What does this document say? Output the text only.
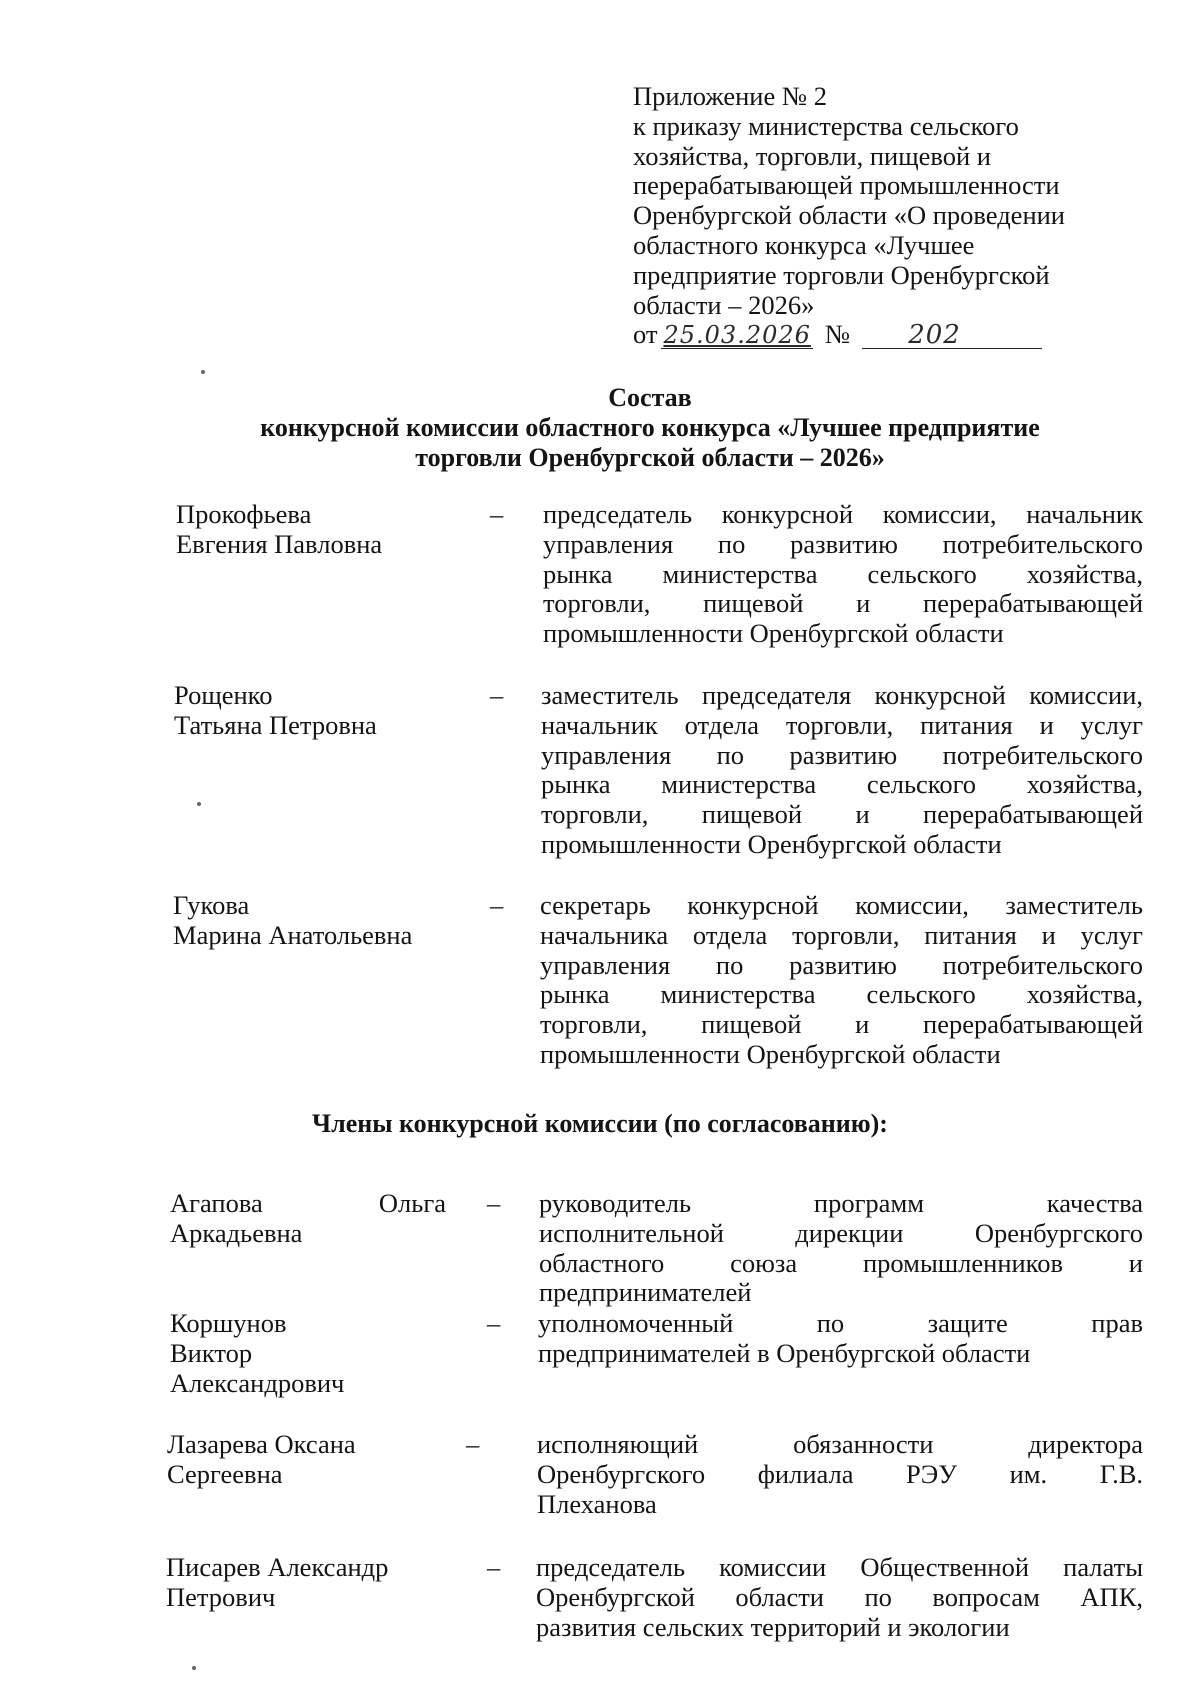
Приложение № 2
к приказу министерства сельского
хозяйства, торговли, пищевой и
перерабатывающей промышленности
Оренбургской области «О проведении
областного конкурса «Лучшее
предприятие торговли Оренбургской
области – 2026»
от 25.03.2026 №	202
Состав
конкурсной комиссии областного конкурса «Лучшее предприятие
торговли Оренбургской области – 2026»
Прокофьева
Евгения Павловна
– председатель конкурсной комиссии, начальник
управления по развитию потребительского
рынка министерства сельского хозяйства,
торговли, пищевой и перерабатывающей
промышленности Оренбургской области
Рощенко
Татьяна Петровна
– заместитель председателя конкурсной комиссии,
начальник отдела торговли, питания и услуг
управления по развитию потребительского
рынка министерства сельского хозяйства,
торговли, пищевой и перерабатывающей
промышленности Оренбургской области
Гукова
Марина Анатольевна
– секретарь конкурсной комиссии, заместитель
начальника отдела торговли, питания и услуг
управления по развитию потребительского
рынка министерства сельского хозяйства,
торговли, пищевой и перерабатывающей
промышленности Оренбургской области
Члены конкурсной комиссии (по согласованию):
Агапова	Ольга
Аркадьевна
– руководитель программ качества
исполнительной дирекции Оренбургского
областного союза промышленников и
предпринимателей
Коршунов
Виктор
Александрович
– уполномоченный по защите прав
предпринимателей в Оренбургской области
Лазарева Оксана
Сергеевна
– исполняющий обязанности директора
Оренбургского филиала РЭУ им. Г.В.
Плеханова
Писарев Александр
Петрович
– председатель комиссии Общественной палаты
Оренбургской области по вопросам АПК,
развития сельских территорий и экологии
